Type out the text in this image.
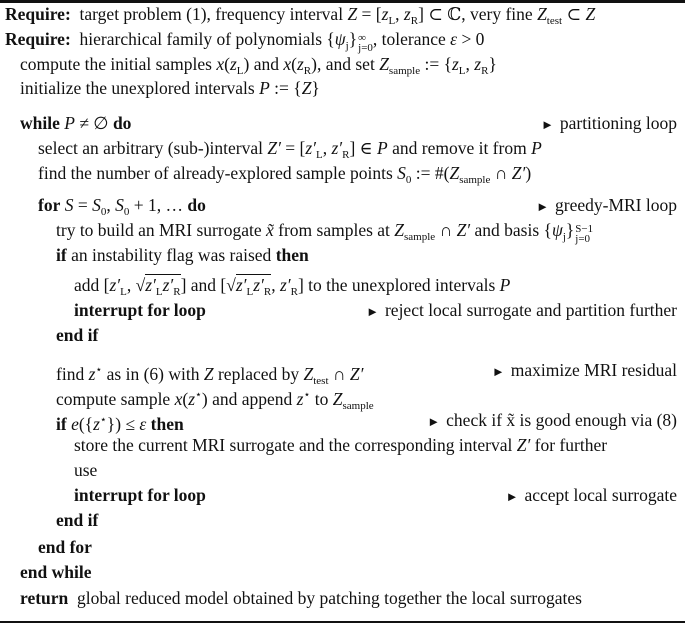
Require:  target problem (1), frequency interval $Z = [z_L$, $z_R$] ⊂ ℂ, very fine $Z_{test}$ ⊂ Z
Require:  hierarchical family of polynomials $\{\psi_j\}$ ∞
j=0 , tolerance ε > 0
compute the initial samples $x(z_L)$ and $x(z_R)$, and set $Z_{sample}$ := {$z_L$, $z_R$}
initialize the unexplored intervals P := {Z}
while P ≠ ∅ do	► partitioning loop
select an arbitrary (sub-)interval $Z' = [z'_L$, $z'_R$] ∈ P and remove it from P
find the number of already-explored sample points $S_0$ := $\#(Z_{sample}$ ∩ Z′)
for $S = S_0$, $S_0 + 1$, … do	► greedy-MRI loop
try to build an MRI surrogate x̃ from samples at $Z_{sample}$ ∩ Z′ and basis $\{\psi_j\}$ S−1
j=0
if an instability flag was raised then
add [$z'_L$, $√z'_Lz'_R$] and [$√z'_Lz'_R$, $z'_R$] to the unexplored intervals P
interrupt for loop	► reject local surrogate and partition further
end if
find z⋆ as in (6) with Z replaced by $Z_{test}$ ∩ Z′	► maximize MRI residual
compute sample x(z⋆) and append z⋆ to $Z_{sample}$
if e({z⋆}) ≤ ε then	► check if x̃ is good enough via (8)
store the current MRI surrogate and the corresponding interval Z′ for further
use
interrupt for loop	► accept local surrogate
end if
end for
end while
return  global reduced model obtained by patching together the local surrogates
